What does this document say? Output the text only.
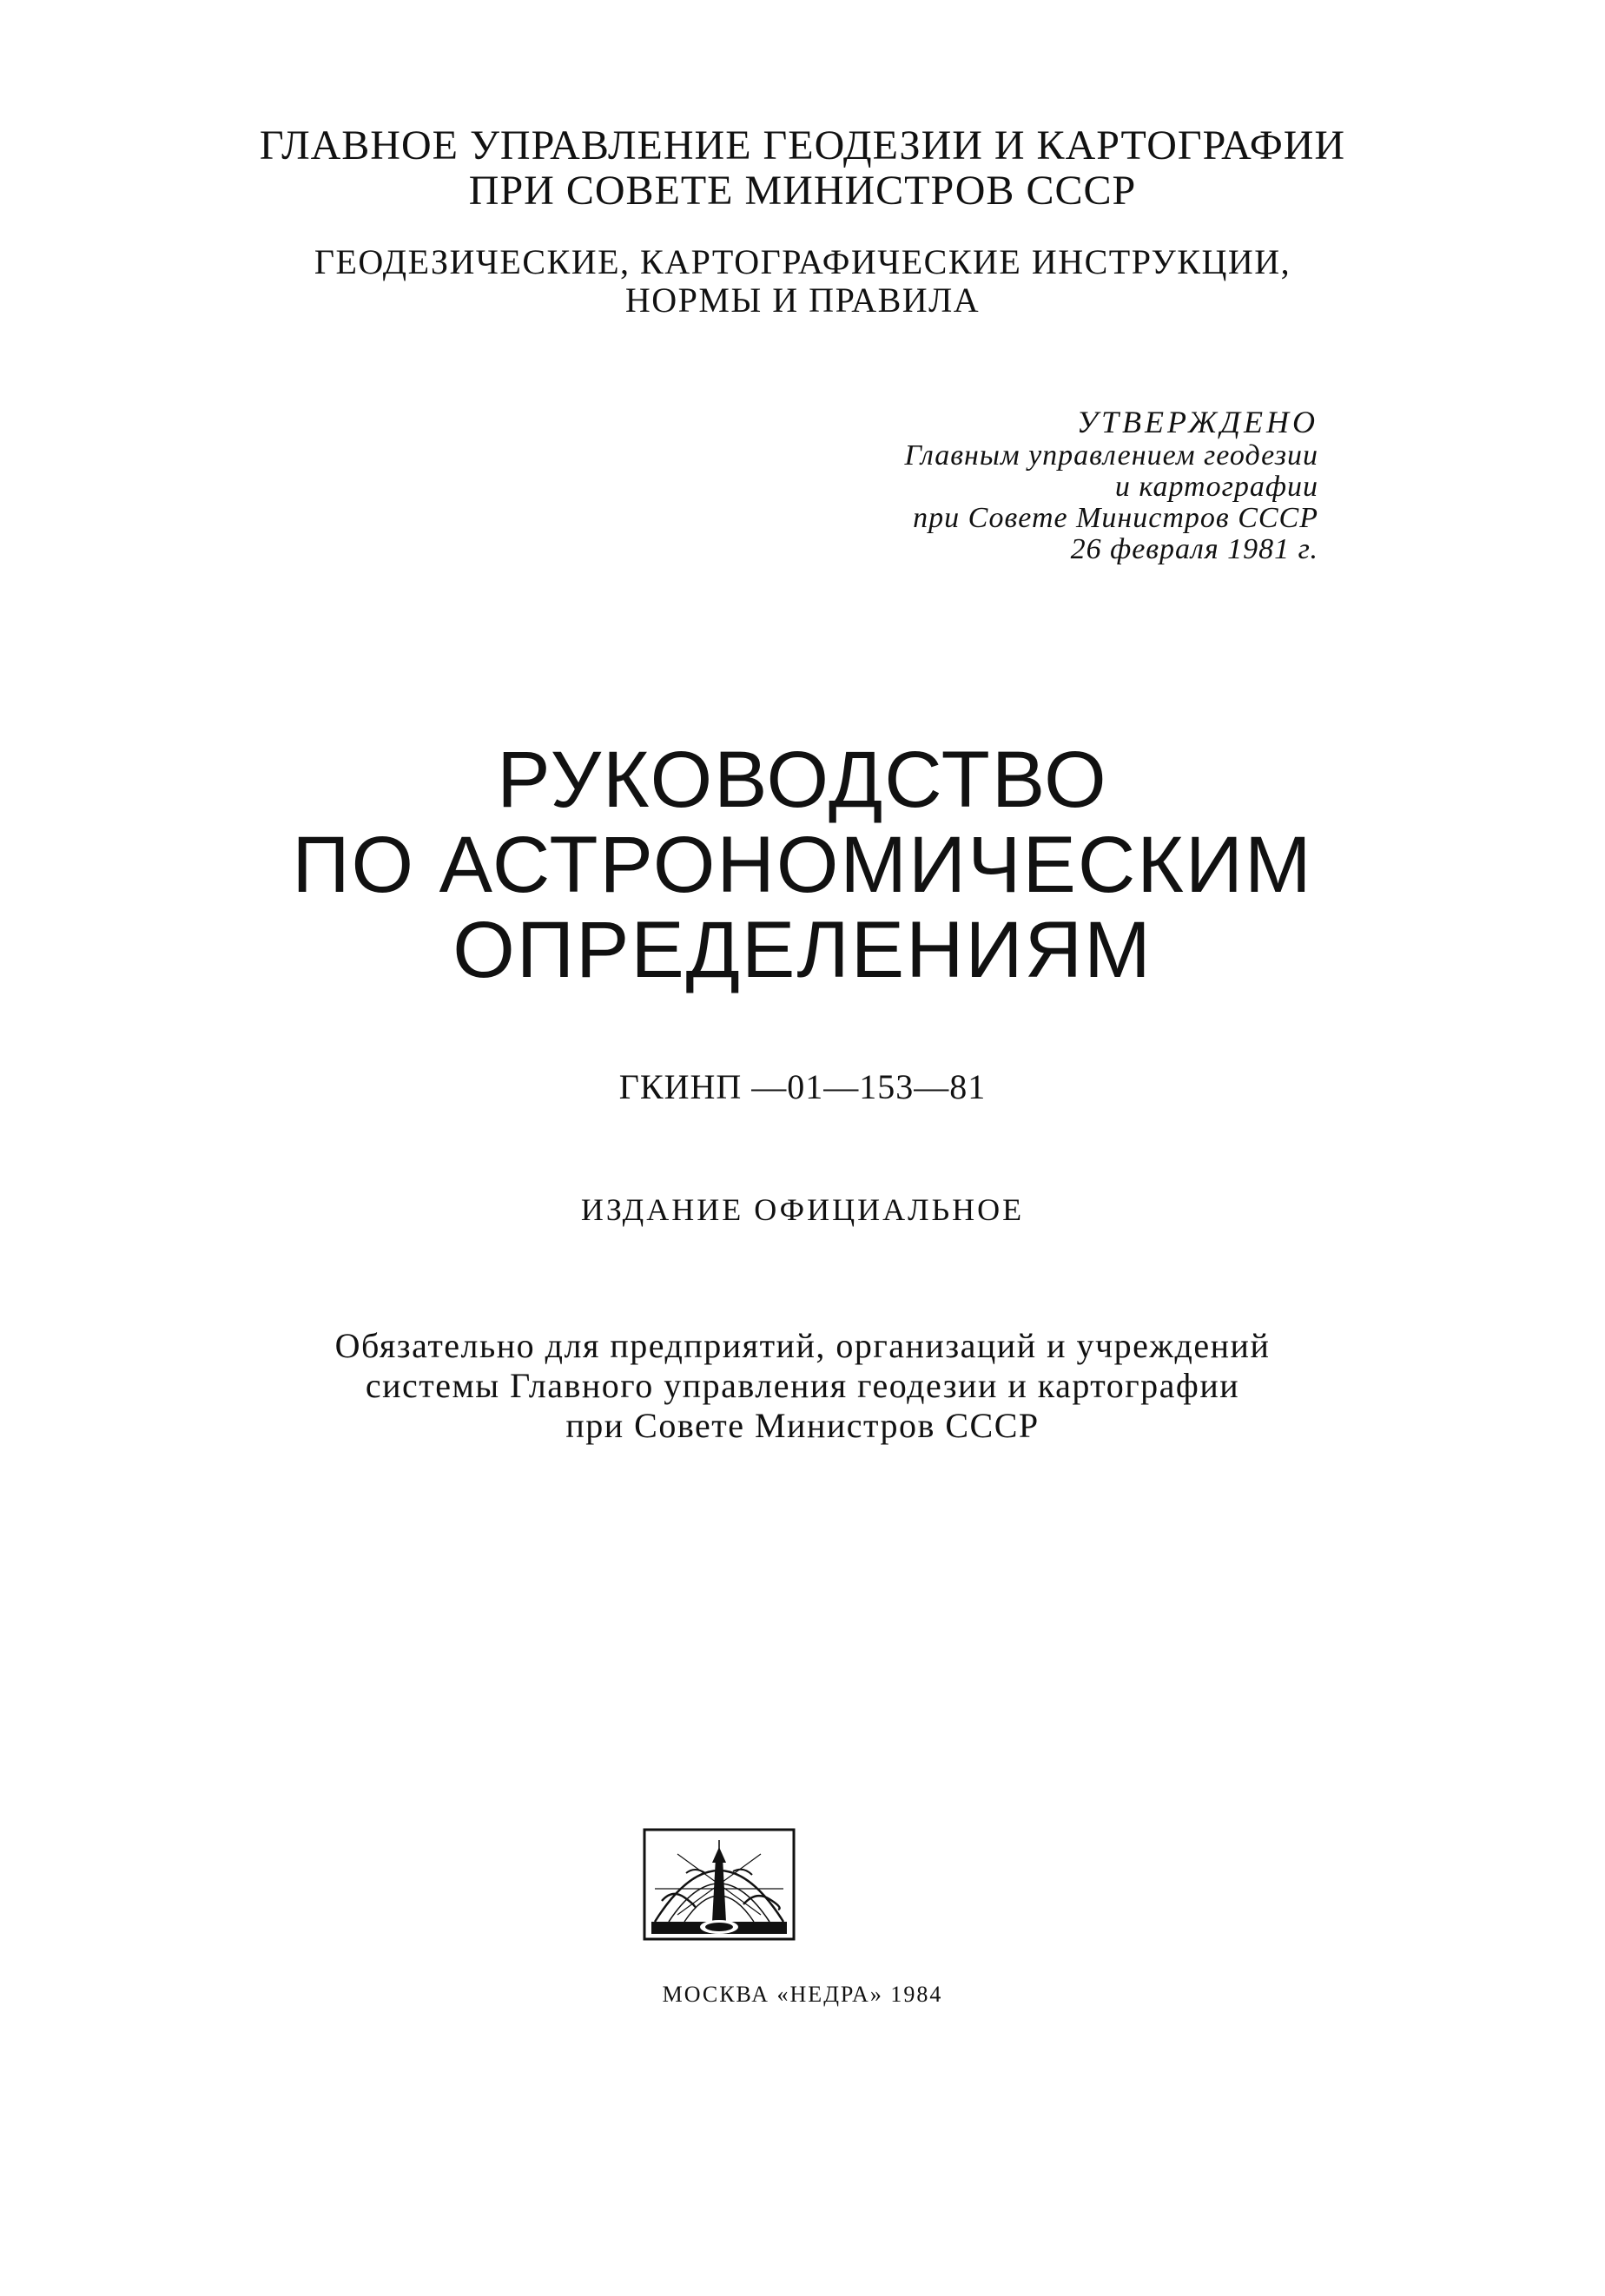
ГЛАВНОЕ УПРАВЛЕНИЕ ГЕОДЕЗИИ И КАРТОГРАФИИ
ПРИ СОВЕТЕ МИНИСТРОВ СССР
ГЕОДЕЗИЧЕСКИЕ, КАРТОГРАФИЧЕСКИЕ ИНСТРУКЦИИ,
НОРМЫ И ПРАВИЛА
УТВЕРЖДЕНО
Главным управлением геодезии
и картографии
при Совете Министров СССР
26 февраля 1981 г.
РУКОВОДСТВО
ПО АСТРОНОМИЧЕСКИМ
ОПРЕДЕЛЕНИЯМ
ГКИНП —01—153—81
ИЗДАНИЕ ОФИЦИАЛЬНОЕ
Обязательно для предприятий, организаций и учреждений
системы Главного управления геодезии и картографии
при Совете Министров СССР
МОСКВА «НЕДРА» 1984
